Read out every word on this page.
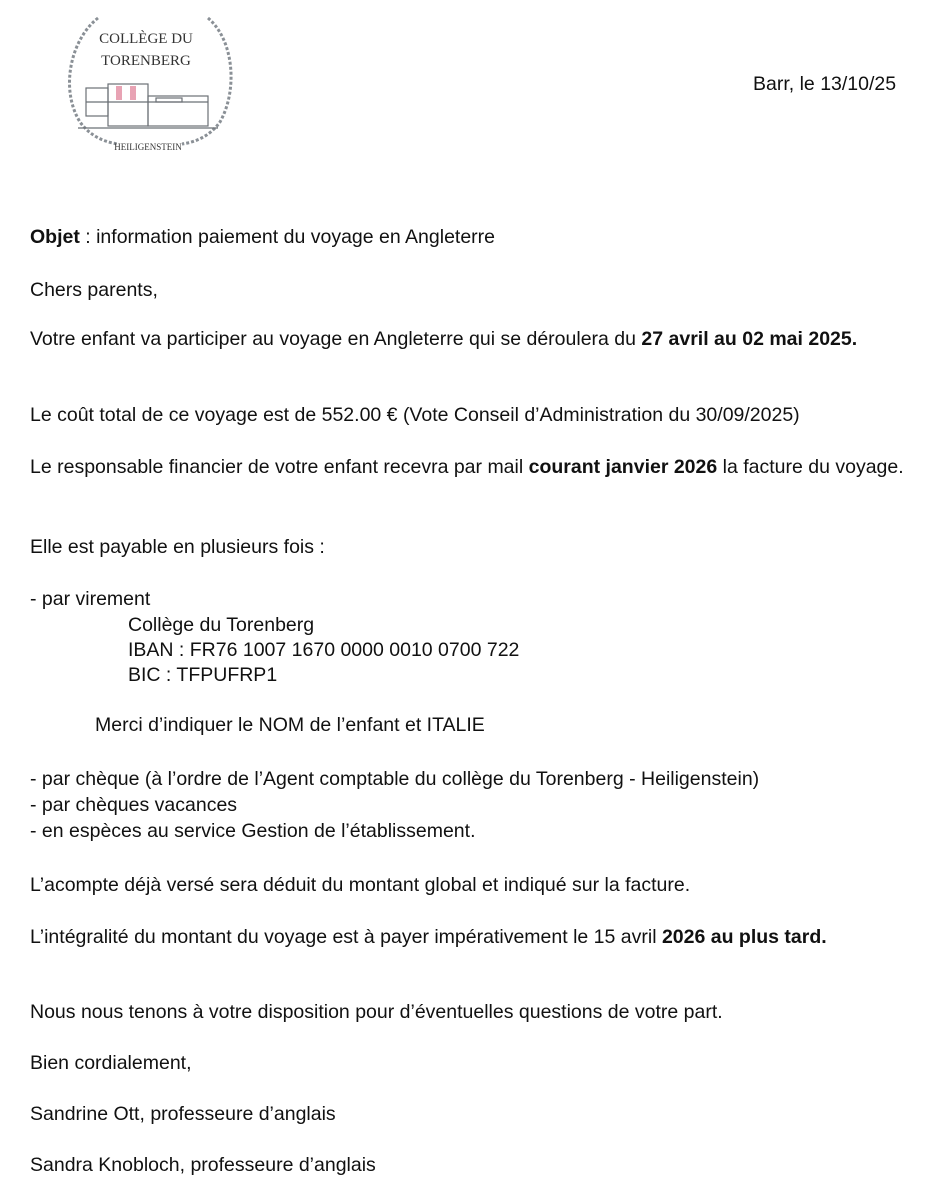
COLLÈGE DU
TORENBERG
HEILIGENSTEIN
Barr, le 13/10/25
Objet : information paiement du voyage en Angleterre
Chers parents,
Votre enfant va participer au voyage en Angleterre qui se déroulera du 27 avril au 02 mai 2025.
Le coût total de ce voyage est de 552.00 € (Vote Conseil d’Administration du 30/09/2025)
Le responsable financier de votre enfant recevra par mail courant janvier 2026 la facture du voyage.
Elle est payable en plusieurs fois :
- par virement
Collège du Torenberg
IBAN : FR76 1007 1670 0000 0010 0700 722
BIC : TFPUFRP1
Merci d’indiquer le NOM de l’enfant et ITALIE
- par chèque (à l’ordre de l’Agent comptable du collège du Torenberg - Heiligenstein)
- par chèques vacances
- en espèces au service Gestion de l’établissement.
L’acompte déjà versé sera déduit du montant global et indiqué sur la facture.
L’intégralité du montant du voyage est à payer impérativement le 15 avril 2026 au plus tard.
Nous nous tenons à votre disposition pour d’éventuelles questions de votre part.
Bien cordialement,
Sandrine Ott, professeure d’anglais
Sandra Knobloch, professeure d’anglais
